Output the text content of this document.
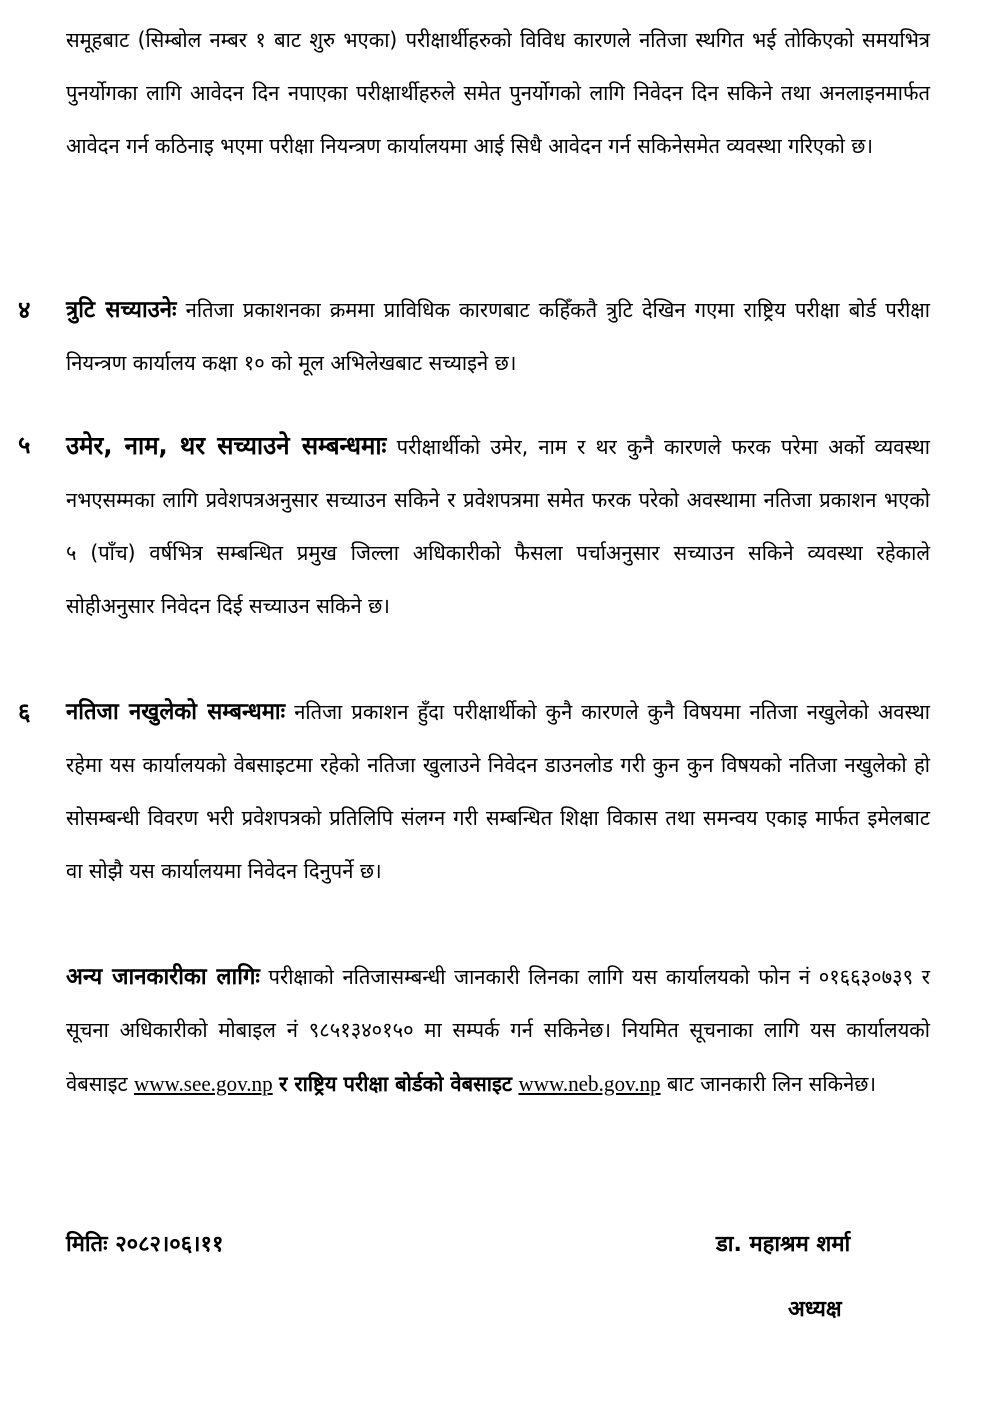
समूहबाट (सिम्बोल नम्बर १ बाट शुरु भएका) परीक्षार्थीहरुको विविध कारणले नतिजा स्थगित भई तोकिएको समयभित्र पुनर्योगका लागि आवेदन दिन नपाएका परीक्षार्थीहरुले समेत पुनर्योगको लागि निवेदन दिन सकिने तथा अनलाइनमार्फत आवेदन गर्न कठिनाइ भएमा परीक्षा नियन्त्रण कार्यालयमा आई सिधै आवेदन गर्न सकिनेसमेत व्यवस्था गरिएको छ।
४ त्रुटि सच्याउनेः नतिजा प्रकाशनका क्रममा प्राविधिक कारणबाट कहिँकतै त्रुटि देखिन गएमा राष्ट्रिय परीक्षा बोर्ड परीक्षा नियन्त्रण कार्यालय कक्षा १० को मूल अभिलेखबाट सच्याइने छ।
५ उमेर, नाम, थर सच्याउने सम्बन्धमाः परीक्षार्थीको उमेर, नाम र थर कुनै कारणले फरक परेमा अर्को व्यवस्था नभएसम्मका लागि प्रवेशपत्रअनुसार सच्याउन सकिने र प्रवेशपत्रमा समेत फरक परेको अवस्थामा नतिजा प्रकाशन भएको ५ (पाँच) वर्षभित्र सम्बन्धित प्रमुख जिल्ला अधिकारीको फैसला पर्चाअनुसार सच्याउन सकिने व्यवस्था रहेकाले सोहीअनुसार निवेदन दिई सच्याउन सकिने छ।
६ नतिजा नखुलेको सम्बन्धमाः नतिजा प्रकाशन हुँदा परीक्षार्थीको कुनै कारणले कुनै विषयमा नतिजा नखुलेको अवस्था रहेमा यस कार्यालयको वेबसाइटमा रहेको नतिजा खुलाउने निवेदन डाउनलोड गरी कुन कुन विषयको नतिजा नखुलेको हो सोसम्बन्धी विवरण भरी प्रवेशपत्रको प्रतिलिपि संलग्न गरी सम्बन्धित शिक्षा विकास तथा समन्वय एकाइ मार्फत इमेलबाट वा सोझै यस कार्यालयमा निवेदन दिनुपर्ने छ।
अन्य जानकारीका लागिः परीक्षाको नतिजासम्बन्धी जानकारी लिनका लागि यस कार्यालयको फोन नं ०१६६३०७३९ र सूचना अधिकारीको मोबाइल नं ९८५१३४०१५० मा सम्पर्क गर्न सकिनेछ। नियमित सूचनाका लागि यस कार्यालयको वेबसाइट www.see.gov.np र राष्ट्रिय परीक्षा बोर्डको वेबसाइट www.neb.gov.np बाट जानकारी लिन सकिनेछ।
मितिः २०८२।०६।११	डा. महाश्रम शर्मा
अध्यक्ष
